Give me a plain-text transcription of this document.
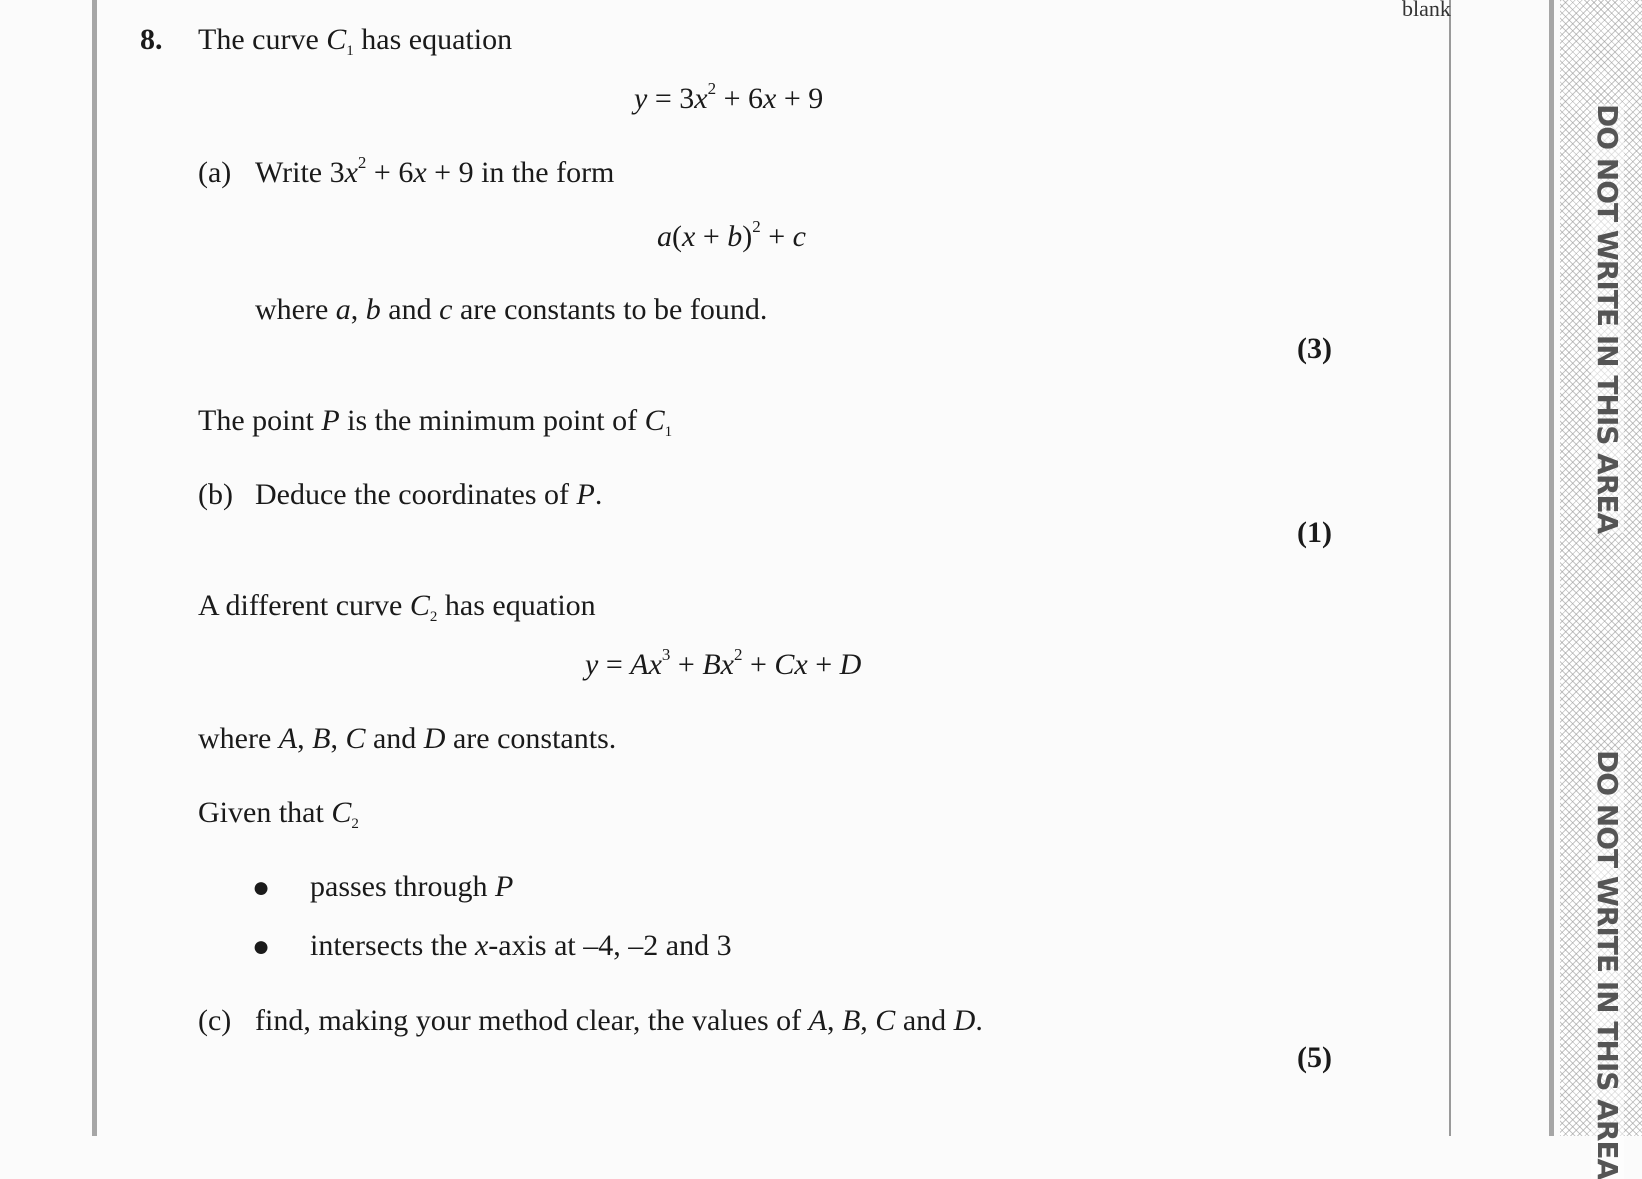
DO NOT WRITE IN THIS AREA
DO NOT WRITE IN THIS AREA
blank
8. The curve $C_1$ has equation
$y = 3x^2 + 6x + 9$
(a) Write $3x^2 + 6x + 9$ in the form
$a(x + b)^2 + c$
where a, b and c are constants to be found.
(3)
The point P is the minimum point of $C_1$
(b) Deduce the coordinates of P.
(1)
A different curve $C_2$ has equation
$y = Ax^3 + Bx^2 + Cx + D$
where A, B, C and D are constants.
Given that $C_2$
● passes through P
● intersects the x-axis at –4, –2 and 3
(c) find, making your method clear, the values of A, B, C and D.
(5)
